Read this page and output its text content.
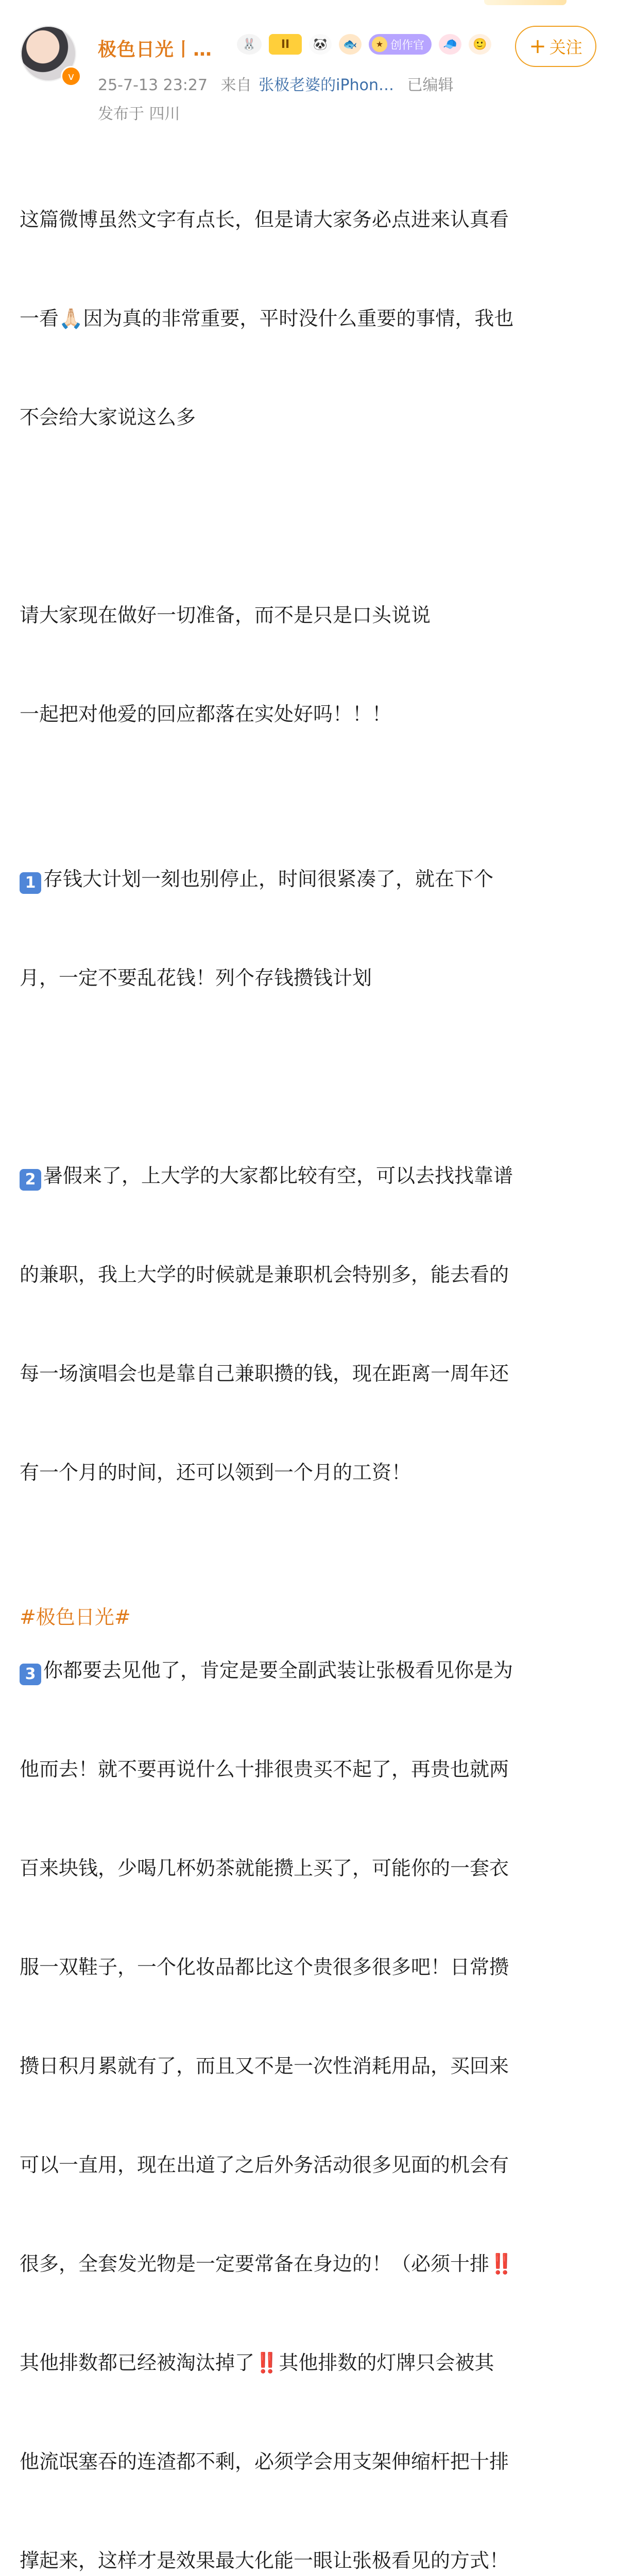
v
极色日光丨…	🐰	II	🐼	🐟	★ 创作官	🧢	🙂 + 关注
25-7-13 23:27 来自 张极老婆的iPhon… 已编辑
发布于 四川

这篇微博虽然文字有点长，但是请大家务必点进来认真看

一看🙏🏻因为真的非常重要，平时没什么重要的事情，我也

不会给大家说这么多

请大家现在做好一切准备，而不是只是口头说说

一起把对他爱的回应都落在实处好吗！！！

1 存钱大计划一刻也别停止，时间很紧凑了，就在下个

月，一定不要乱花钱！列个存钱攒钱计划

2 暑假来了，上大学的大家都比较有空，可以去找找靠谱

的兼职，我上大学的时候就是兼职机会特别多，能去看的

每一场演唱会也是靠自己兼职攒的钱，现在距离一周年还

有一个月的时间，还可以领到一个月的工资！

3 你都要去见他了，肯定是要全副武装让张极看见你是为

他而去！就不要再说什么十排很贵买不起了，再贵也就两

百来块钱，少喝几杯奶茶就能攒上买了，可能你的一套衣

服一双鞋子，一个化妆品都比这个贵很多很多吧！日常攒

攒日积月累就有了，而且又不是一次性消耗用品，买回来

可以一直用，现在出道了之后外务活动很多见面的机会有

很多，全套发光物是一定要常备在身边的！（必须十排‼️

其他排数都已经被淘汰掉了‼️其他排数的灯牌只会被其

他流氓塞吞的连渣都不剩，必须学会用支架伸缩杆把十排

撑起来，这样才是效果最大化能一眼让张极看见的方式！

#极色日光#
